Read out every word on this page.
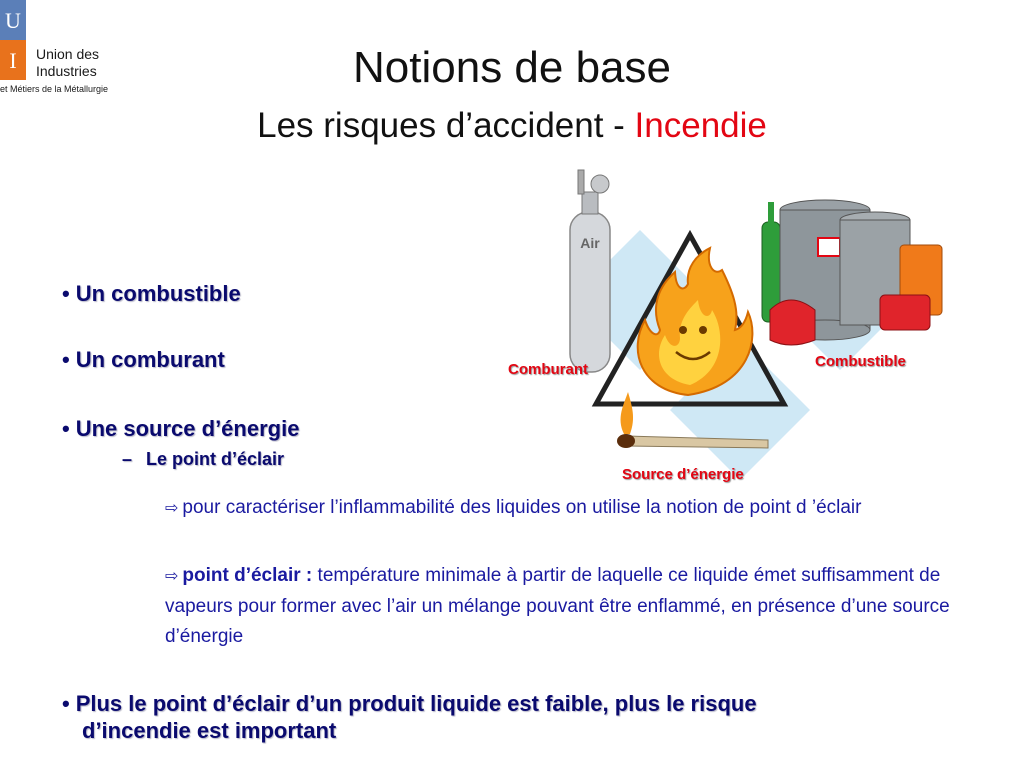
U
I	Union des
Industries
et Métiers de la Métallurgie	Notions de base
Les risques d’accident - Incendie
• Un combustible
• Un comburant
• Une source d’énergie
– Le point d’éclair
⇨ pour caractériser l’inflammabilité des liquides on utilise la notion de point d ’éclair
⇨ point d’éclair : température minimale à partir de laquelle ce liquide émet suffisamment de vapeurs pour former avec l’air un mélange pouvant être enflammé, en présence d’une source d’énergie
• Plus le point d’éclair d’un produit liquide est faible, plus le risque
d’incendie est important
Air
Comburant	Combustible
Source d’énergie
